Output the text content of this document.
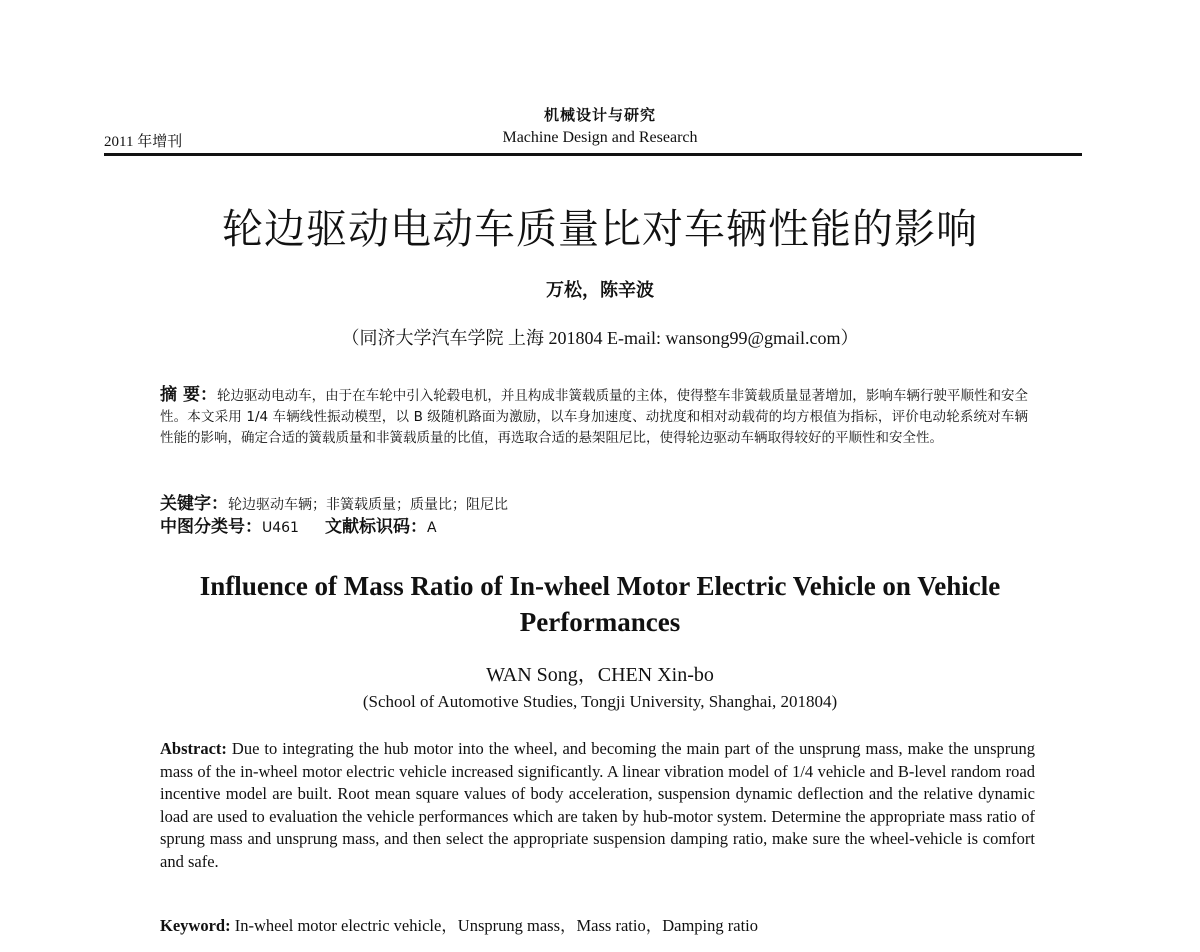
机械设计与研究
Machine Design and Research
2011 年增刊
轮边驱动电动车质量比对车辆性能的影响
万松，陈辛波
（同济大学汽车学院 上海 201804 E-mail: wansong99@gmail.com）
摘 要：轮边驱动电动车，由于在车轮中引入轮毂电机，并且构成非簧载质量的主体，使得整车非簧载质量显著增加，影响车辆行驶平顺性和安全性。本文采用 1/4 车辆线性振动模型，以 B 级随机路面为激励，以车身加速度、动扰度和相对动载荷的均方根值为指标，评价电动轮系统对车辆性能的影响，确定合适的簧载质量和非簧载质量的比值，再选取合适的悬架阻尼比，使得轮边驱动车辆取得较好的平顺性和安全性。
关键字：轮边驱动车辆；非簧载质量；质量比；阻尼比
中图分类号：U461 文献标识码：A
Influence of Mass Ratio of In-wheel Motor Electric Vehicle on Vehicle Performances
WAN Song，CHEN Xin-bo
(School of Automotive Studies, Tongji University, Shanghai, 201804)
Abstract: Due to integrating the hub motor into the wheel, and becoming the main part of the unsprung mass, make the unsprung mass of the in-wheel motor electric vehicle increased significantly. A linear vibration model of 1/4 vehicle and B-level random road incentive model are built. Root mean square values of body acceleration, suspension dynamic deflection and the relative dynamic load are used to evaluation the vehicle performances which are taken by hub-motor system. Determine the appropriate mass ratio of sprung mass and unsprung mass, and then select the appropriate suspension damping ratio, make sure the wheel-vehicle is comfort and safe.
Keyword: In-wheel motor electric vehicle，Unsprung mass，Mass ratio，Damping ratio
